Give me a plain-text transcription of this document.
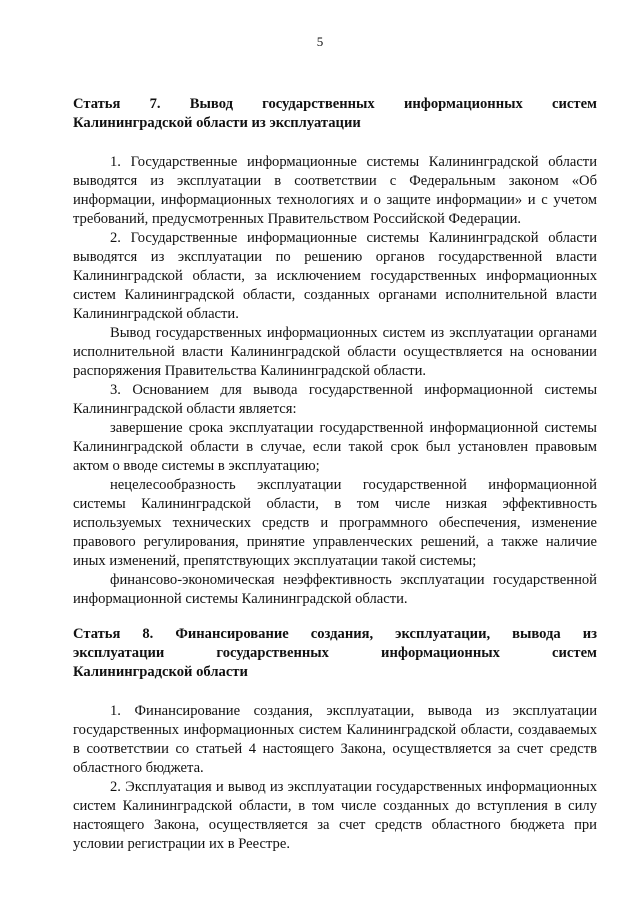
5
Статья 7. Вывод государственных информационных систем
Калининградской области из эксплуатации

1. Государственные информационные системы Калининградской области выводятся из эксплуатации в соответствии с Федеральным законом «Об информации, информационных технологиях и о защите информации» и с учетом требований, предусмотренных Правительством Российской Федерации.

2. Государственные информационные системы Калининградской области выводятся из эксплуатации по решению органов государственной власти Калининградской области, за исключением государственных информационных систем Калининградской области, созданных органами исполнительной власти Калининградской области.

Вывод государственных информационных систем из эксплуатации органами исполнительной власти Калининградской области осуществляется на основании распоряжения Правительства Калининградской области.

3. Основанием для вывода государственной информационной системы Калининградской области является:

завершение срока эксплуатации государственной информационной системы Калининградской области в случае, если такой срок был установлен правовым актом о вводе системы в эксплуатацию;

нецелесообразность эксплуатации государственной информационной системы Калининградской области, в том числе низкая эффективность используемых технических средств и программного обеспечения, изменение правового регулирования, принятие управленческих решений, а также наличие иных изменений, препятствующих эксплуатации такой системы;

финансово-экономическая неэффективность эксплуатации государственной информационной системы Калининградской области.

Статья 8. Финансирование создания, эксплуатации, вывода из
эксплуатации государственных информационных систем
Калининградской области

1. Финансирование создания, эксплуатации, вывода из эксплуатации государственных информационных систем Калининградской области, создаваемых в соответствии со статьей 4 настоящего Закона, осуществляется за счет средств областного бюджета.

2. Эксплуатация и вывод из эксплуатации государственных информационных систем Калининградской области, в том числе созданных до вступления в силу настоящего Закона, осуществляется за счет средств областного бюджета при условии регистрации их в Реестре.
